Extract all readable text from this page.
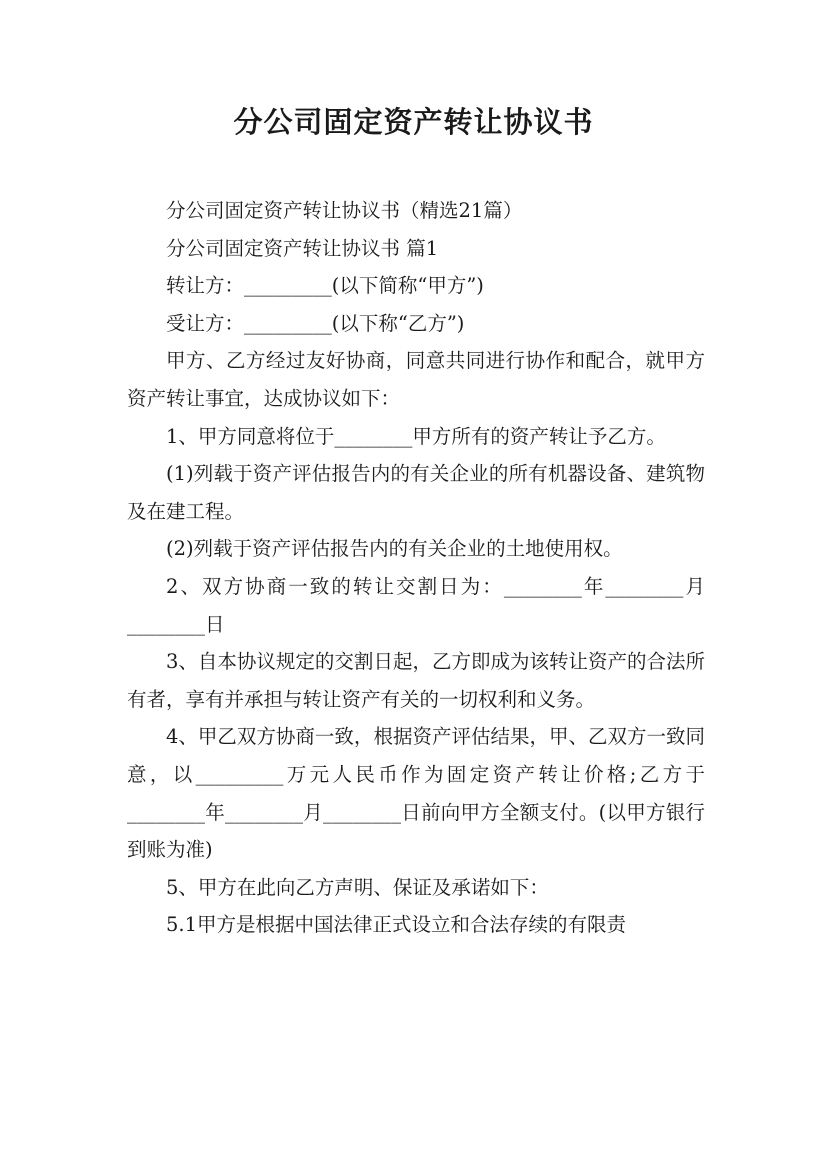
分公司固定资产转让协议书

分公司固定资产转让协议书（精选21篇）

分公司固定资产转让协议书 篇1

转让方：_________(以下简称“甲方”)

受让方：_________(以下称“乙方”)

甲方、乙方经过友好协商，同意共同进行协作和配合，就甲方资产转让事宜，达成协议如下：

1、甲方同意将位于________甲方所有的资产转让予乙方。

(1)列载于资产评估报告内的有关企业的所有机器设备、建筑物及在建工程。

(2)列载于资产评估报告内的有关企业的土地使用权。

2、双方协商一致的转让交割日为：________年________月________日

3、自本协议规定的交割日起，乙方即成为该转让资产的合法所有者，享有并承担与转让资产有关的一切权利和义务。

4、甲乙双方协商一致，根据资产评估结果，甲、乙双方一致同意，以_________万元人民币作为固定资产转让价格;乙方于________年________月________日前向甲方全额支付。(以甲方银行到账为准)

5、甲方在此向乙方声明、保证及承诺如下：

5.1甲方是根据中国法律正式设立和合法存续的有限责
